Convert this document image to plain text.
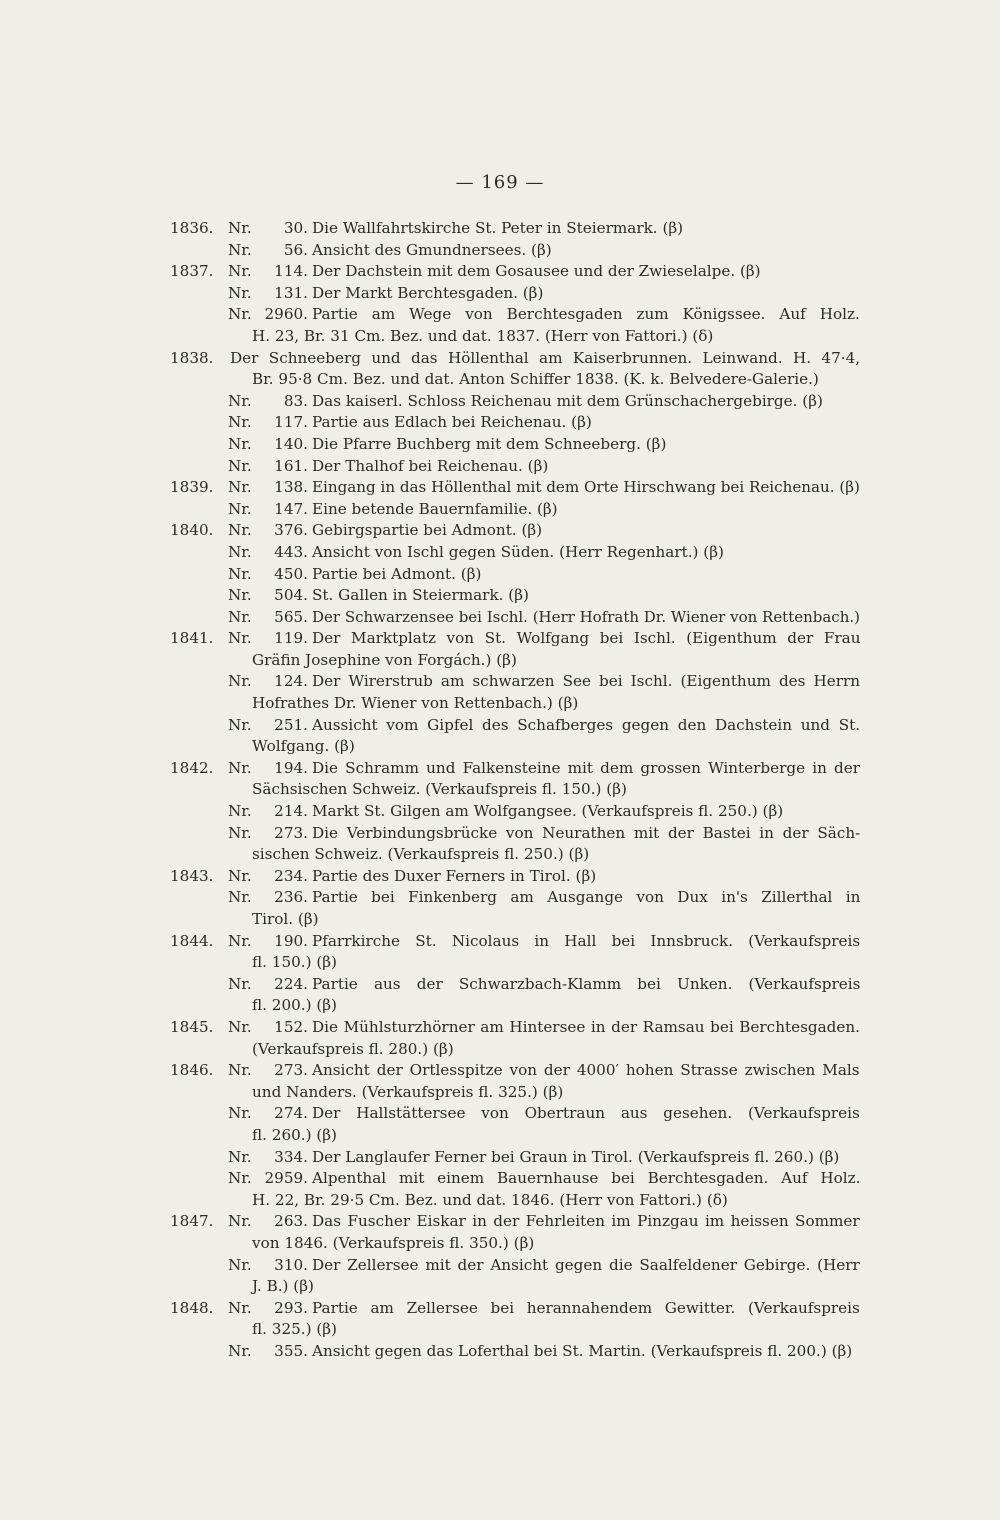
— 169 —
1836. Nr. 30. Die Wallfahrtskirche St. Peter in Steiermark. (β)
Nr. 56. Ansicht des Gmundnersees. (β)
1837. Nr. 114. Der Dachstein mit dem Gosausee und der Zwieselalpe. (β)
Nr. 131. Der Markt Berchtesgaden. (β)
Nr. 2960. Partie am Wege von Berchtesgaden zum Königssee. Auf Holz.
H. 23, Br. 31 Cm. Bez. und dat. 1837. (Herr von Fattori.) (δ)
1838. Der Schneeberg und das Höllenthal am Kaiserbrunnen. Leinwand. H. 47·4,
Br. 95·8 Cm. Bez. und dat. Anton Schiffer 1838. (K. k. Belvedere-Galerie.)
Nr. 83. Das kaiserl. Schloss Reichenau mit dem Grünschachergebirge. (β)
Nr. 117. Partie aus Edlach bei Reichenau. (β)
Nr. 140. Die Pfarre Buchberg mit dem Schneeberg. (β)
Nr. 161. Der Thalhof bei Reichenau. (β)
1839. Nr. 138. Eingang in das Höllenthal mit dem Orte Hirschwang bei Reichenau. (β)
Nr. 147. Eine betende Bauernfamilie. (β)
1840. Nr. 376. Gebirgspartie bei Admont. (β)
Nr. 443. Ansicht von Ischl gegen Süden. (Herr Regenhart.) (β)
Nr. 450. Partie bei Admont. (β)
Nr. 504. St. Gallen in Steiermark. (β)
Nr. 565. Der Schwarzensee bei Ischl. (Herr Hofrath Dr. Wiener von Rettenbach.)
1841. Nr. 119. Der Marktplatz von St. Wolfgang bei Ischl. (Eigenthum der Frau
Gräfin Josephine von Forgách.) (β)
Nr. 124. Der Wirerstrub am schwarzen See bei Ischl. (Eigenthum des Herrn
Hofrathes Dr. Wiener von Rettenbach.) (β)
Nr. 251. Aussicht vom Gipfel des Schafberges gegen den Dachstein und St.
Wolfgang. (β)
1842. Nr. 194. Die Schramm und Falkensteine mit dem grossen Winterberge in der
Sächsischen Schweiz. (Verkaufspreis fl. 150.) (β)
Nr. 214. Markt St. Gilgen am Wolfgangsee. (Verkaufspreis fl. 250.) (β)
Nr. 273. Die Verbindungsbrücke von Neurathen mit der Bastei in der Säch-
sischen Schweiz. (Verkaufspreis fl. 250.) (β)
1843. Nr. 234. Partie des Duxer Ferners in Tirol. (β)
Nr. 236. Partie bei Finkenberg am Ausgange von Dux in's Zillerthal in
Tirol. (β)
1844. Nr. 190. Pfarrkirche St. Nicolaus in Hall bei Innsbruck. (Verkaufspreis
fl. 150.) (β)
Nr. 224. Partie aus der Schwarzbach-Klamm bei Unken. (Verkaufspreis
fl. 200.) (β)
1845. Nr. 152. Die Mühlsturzhörner am Hintersee in der Ramsau bei Berchtesgaden.
(Verkaufspreis fl. 280.) (β)
1846. Nr. 273. Ansicht der Ortlesspitze von der 4000′ hohen Strasse zwischen Mals
und Nanders. (Verkaufspreis fl. 325.) (β)
Nr. 274. Der Hallstättersee von Obertraun aus gesehen. (Verkaufspreis
fl. 260.) (β)
Nr. 334. Der Langlaufer Ferner bei Graun in Tirol. (Verkaufspreis fl. 260.) (β)
Nr. 2959. Alpenthal mit einem Bauernhause bei Berchtesgaden. Auf Holz.
H. 22, Br. 29·5 Cm. Bez. und dat. 1846. (Herr von Fattori.) (δ)
1847. Nr. 263. Das Fuscher Eiskar in der Fehrleiten im Pinzgau im heissen Sommer
von 1846. (Verkaufspreis fl. 350.) (β)
Nr. 310. Der Zellersee mit der Ansicht gegen die Saalfeldener Gebirge. (Herr
J. B.) (β)
1848. Nr. 293. Partie am Zellersee bei herannahendem Gewitter. (Verkaufspreis
fl. 325.) (β)
Nr. 355. Ansicht gegen das Loferthal bei St. Martin. (Verkaufspreis fl. 200.) (β)
